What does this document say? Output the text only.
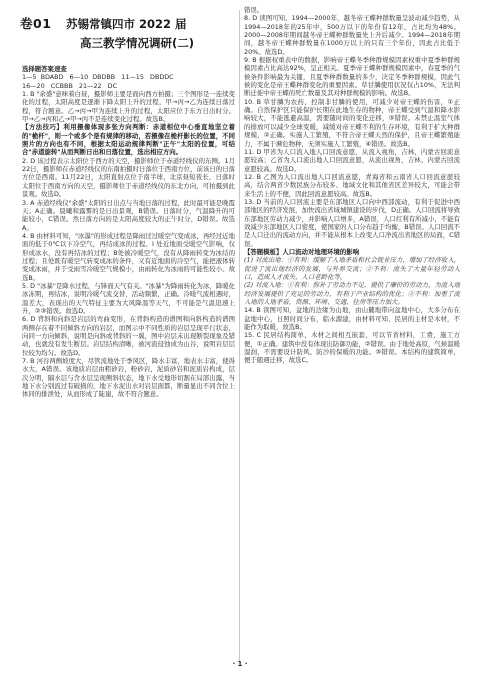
卷01 苏锡常镇四市 2022 届
高三教学情况调研(二)
选择题答案速查
1—5  BDABD   6—10  DBDBB   11—15   DBDDC
16—20   CCBBB   21—22   DC
1. B "余盛"意味着白昼，摄影师主要是面向西方拍摄；三个图形是一连续变化的过程，太阳高度是逐渐下降太阳上升的过程，甲→丙→乙为连续日落过程，符合题意。乙→丙→甲为连续上升的过程，太阳应位于东方日出时分。甲→乙→丙和乙→甲→丙不是连续变化过程。故选B。
【方法技巧】利用摄像体现多张方向判断：赤道相位中心垂直地坚立着的"桅杆"，则一个或多个是有规律的移动，若摄像在桅杆影长的位置，不同照片的方向也有不同，根据太阳运动规律判断"正午"太阳的位置，可结合"赤道旋转"从而判断日出和日落位置，选出相应方向。
2. D 该过程表示太阳位于西方的天空，摄影师位于赤道经线仪的东侧。1月22日，摄影师在赤道经线仪的东南拍摄时日落位于西南方位，前该日的日落方位是西南。11月22日，太阳直射点位于南半球，北京昼短夜长，日落时太阳位于西南方向的天空，摄影师位于赤道经线仪的东北方向，可拍摄到此景观。故选D。
3. A 赤道经线仪"余盛"太阳的日出点与当地日落的过程，此时最可能是晚霞天；A正确。晨曦和露雾的是日出景观，B错误。日落时分，气温降升的可能较小，C错误。然日落方向的是太阳高度较大的正午时分，D错误。故选A。
4. B 由材料可知，"冰瀑"的形成过程是降雨过过暖空气变成冰，再经过近地面的低于0℃以下冷空气，再结成冰的过程。Ⅰ 处近地面受暖空气影响，仅形成冰水，没有再结冰的过程；B处被冷暖空气，没有从降雨转变为冰结的过程；且处既有暖空气转变成冰的条件，又有近地面的冷空气，能把液体转变成冰雨，并于受雨雪冷暖空气规模小，由雨转化为冰雨的可能性较小。故选B。
5. D "冰暴"是降水过程，与锋面天气有关。"冰暴"为降雨转化为冰，降暖化冰冻期，再结冰，说明冷暖气流交替，活动频繁，正确。冷暖气流相遇时，温差大，表现出的天气特征主要为大风降温等天气，不可能是气温迅速上升，②③错误。故选D。
6. D 背斜和向斜是岩层的弯曲变形，在背斜构造的谱图和向斜构造的谱图两侧存在着不同倾斜方向的岩层，而图示中不同性质的岩层呈现平行状态，向同一方向倾斜，说明是向斜或背斜的一翼，图中岩层未出现断裂现象及错动，也就没有发生断层。岩层结构清晰，被河流侵蚀成为山谷，说明岩层层位较为均匀。故选D。
7. B 河谷两侧坡度大，尽管流地处于季风区，降水丰富，地表水丰富，使得水大，A错误。该地质岩层由粗砂岩，粉砂岩，泥质砂岩和泥质岩构成，层次分明，隔水层与含水层呈现侧斜状态，地下水受地形切割在局部出露，当地下水分别流过有破损的，地下水泥出水对岩层面都，断量显出不同含位上体同的排泄处，从而形成了陡崖，故不符合题意。
错误。
8. D 读图可知，1994—2000年，越冬帝王蝶种群数量呈波动减少趋势，从1994—2018年的25年中，500万以下的年份有12年，占比均为48%。2000—2008年期间越冬帝王蝶种群数量先上升后减少。1994—2018年期间，越冬帝王蝶种群数量在1000万以上的只有三个年份，因此占比低于20%。故选D。
9. B 根据权重表中的数据，影响帝王蝶冬季种群规模因素权重中夏季种群规模因素占比高达92%，呈正相关。夏季帝王蝶种群规模因素中，春夏季的气候条件影响最为关键，且夏季种群数量的多少，决定冬季种群规模，因此气候的变化是帝王蝶种群变化的重要因素。草甘膦使用状况仅占10%，无法判断迁徙中帝王蝶的死亡数量及其对种群规模的影响。故选B。
10. B 草甘膦为农药，控制非甘膦的使用，可减少对帝王蝶的伤害，①正确。自然保护区只能保护长期在此地生存的物种，帝王蝶受到气温和降水影响较大，不能逃避高温，需要随时间的变化迁移，③错误。未禁止温室气体的排放可以减少全球变暖，减缓对帝王蝶不利的生存环境，有利于扩大种群规模，②正确。实施人工繁殖，不符合帝王蝶天然的保护，且帝王蝶繁殖能力，不属于濒危物种，无须实施人工繁殖，④错误。故选B。
11. D 甲省为人口流入地人口回流意愿，从流入视角，吉林、内蒙古回流意愿较高；乙省为人口流出地人口回流意愿，从流出视角，吉林、内蒙古回流意愿较高。故选D。
12. B 乙图为人口流出地人口回流意愿，青海省和云南省人口回流意愿较高，结合两省少数民族分布较多、地域文化和其他省区差异较大，可能会带来生活上的不便，因此回流意愿较高。故选B。
13. D 当前的人口回流主要是东部地区人口向中西部流动，有利于促进中西部地区的经济发展，加快流出省域城镇建设的步伐，D正确。人口回流将导致东部地区劳动力减少，并影响人口增多，A错误，人口红利有所减小，不能有效减少东部地区人口密度，使国家的人口分布趋于均衡，B错误。人口回流不是人口迁出的流动方向，并不能从根本上改变人口净流出省地区的局面，C错误。
【答题模板】人口流动对地理环境的影响
(1) 对流出地：①有利：缓解了人地矛盾和社会就业压力，增加了经济收入，促进了流出地经济的发展，与外界交流；②不利：流失了大量年轻劳动人口，造成人才流失，人口老龄化等。
(2) 对流入地：①有利：弥补了劳动力不足，提供了廉价的劳动力，为流入地经济发展提供了充足的劳动力，有利于产业结构的优化；②不利：加重了流入地的人地矛盾，资源、环境、交通、住房等压力加大。
14. B 读图可知，盆地的边缘为山地，由山麓地带向盆地中心，大多分布在盆地中心，日照时间分布，临水源建，由材料可知，民居的主材是木材，不能作为取暖，故选B。
15. C 民居结构简单，木材之间相互嵌套，可以节省材料，工费，施工方便，①正确。建筑中没有体现出防御功能，②错误。由于地处高原，气候温暖湿润，不需要设计防风、防沙的保暖的功能。③错误。本结构的建筑简单，便于随遇迁移，故选C。
· 1 ·
